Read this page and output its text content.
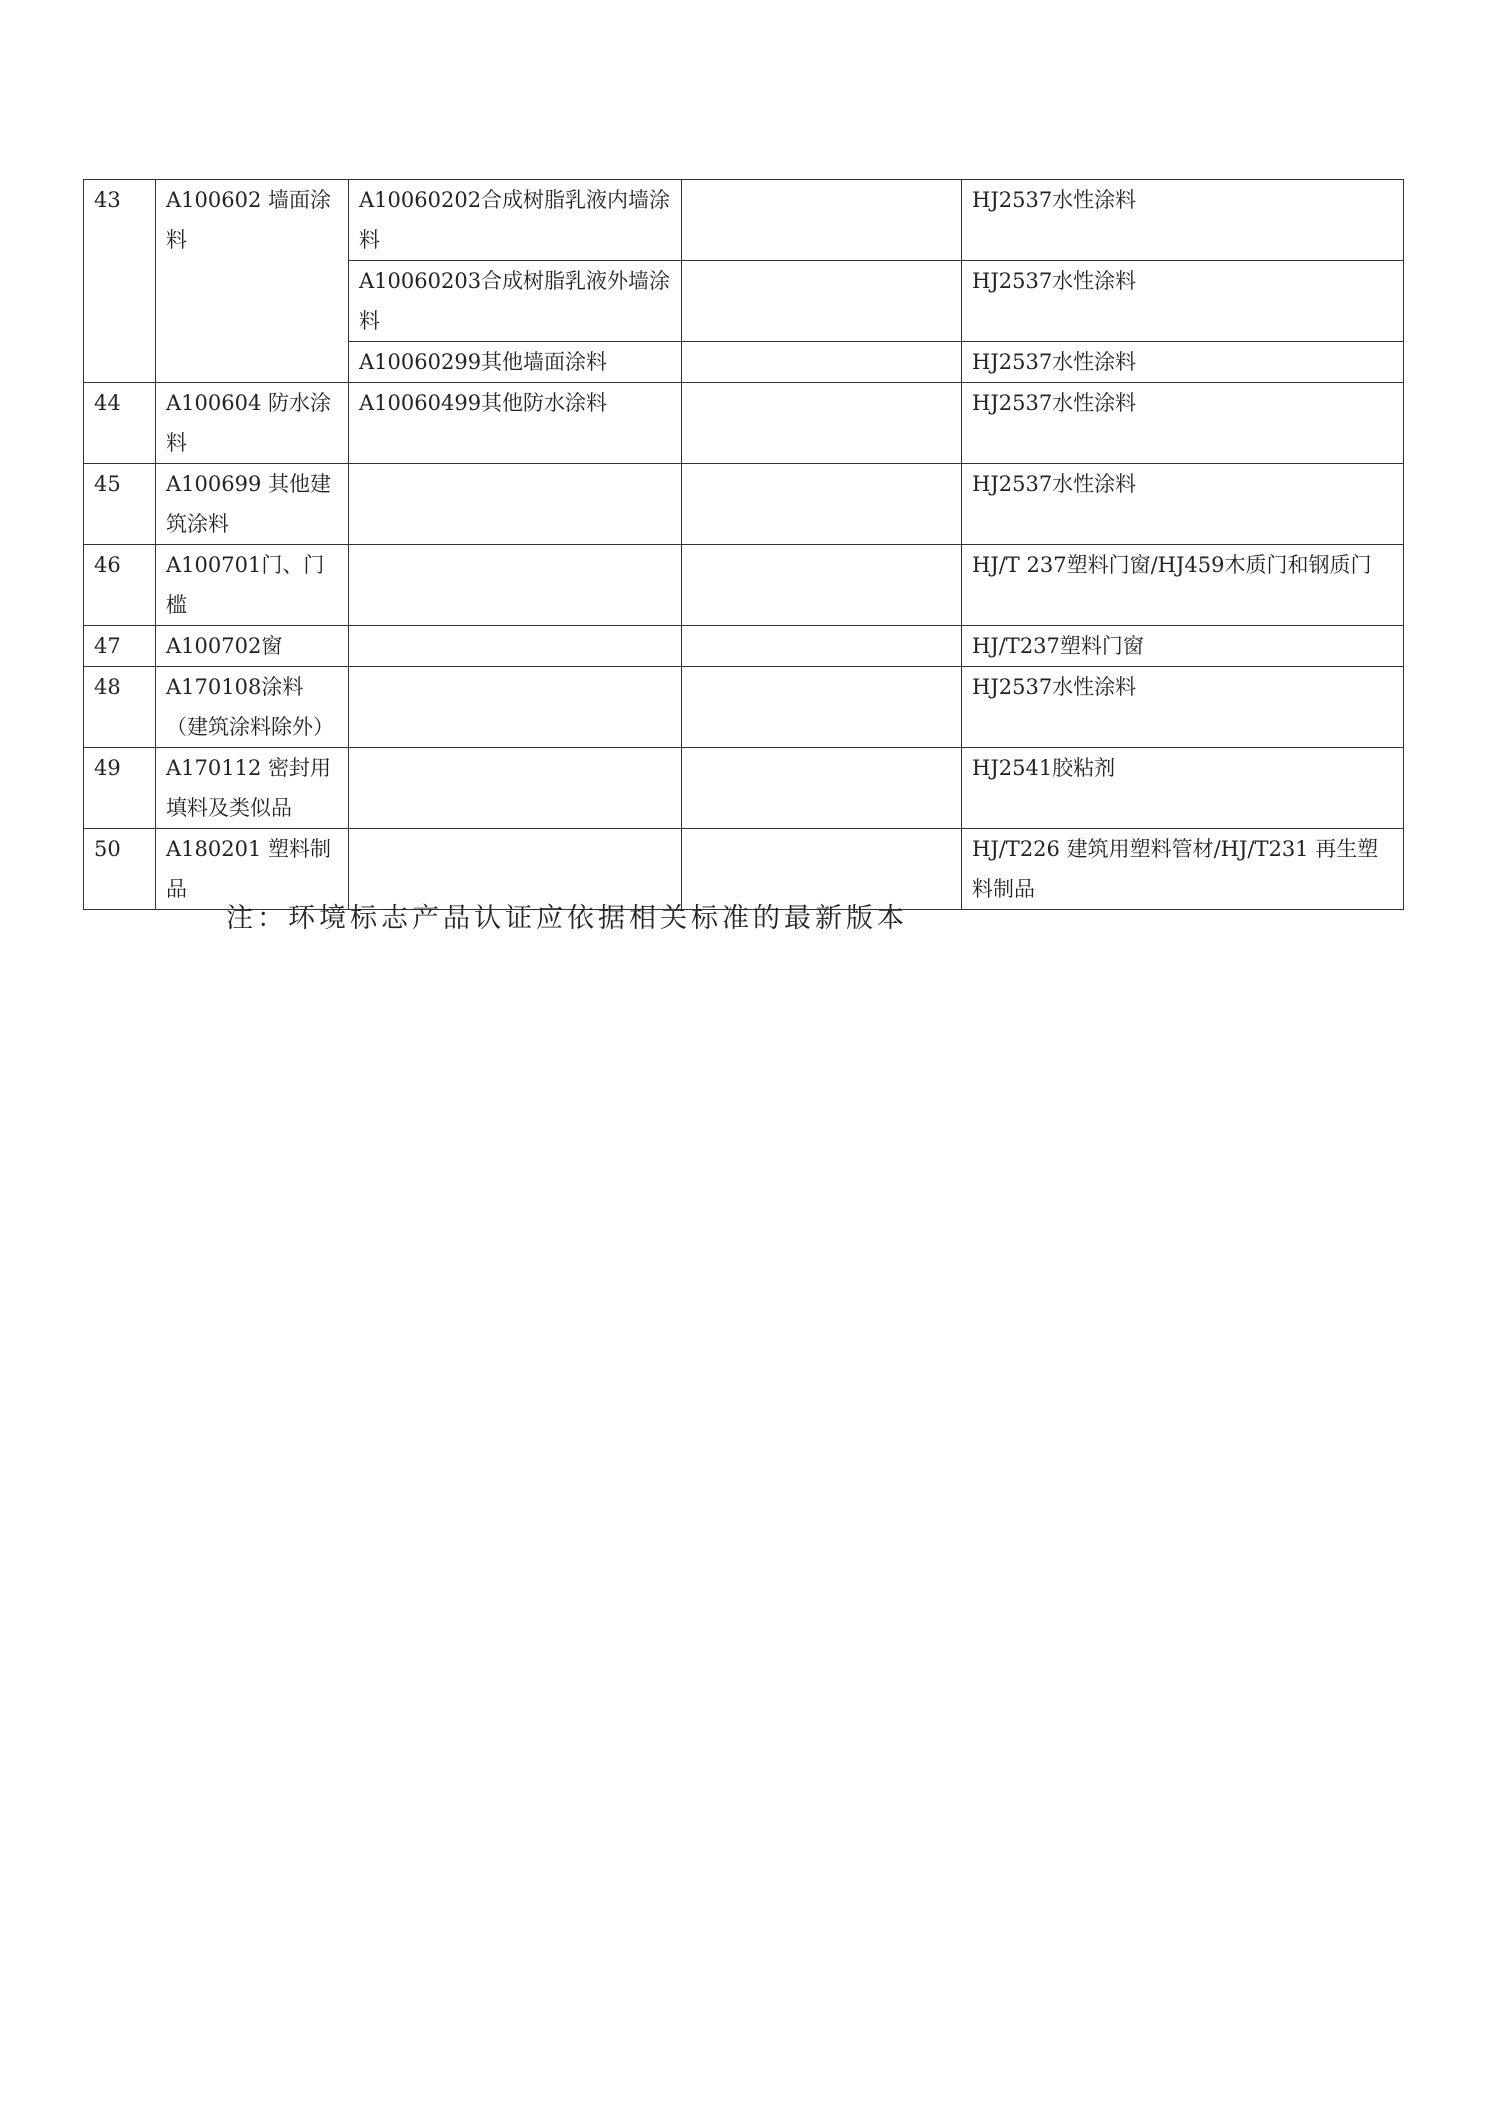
43	A100602 墙面涂料	A10060202合成树脂乳液内墙涂料		HJ2537水性涂料
		A10060203合成树脂乳液外墙涂料		HJ2537水性涂料
		A10060299其他墙面涂料		HJ2537水性涂料
44	A100604 防水涂料	A10060499其他防水涂料		HJ2537水性涂料
45	A100699 其他建筑涂料			HJ2537水性涂料
46	A100701门、门槛			HJ/T 237塑料门窗/HJ459木质门和钢质门
47	A100702窗			HJ/T237塑料门窗
48	A170108涂料（建筑涂料除外）			HJ2537水性涂料
49	A170112 密封用填料及类似品			HJ2541胶粘剂
50	A180201 塑料制品			HJ/T226 建筑用塑料管材/HJ/T231 再生塑料制品
注：环境标志产品认证应依据相关标准的最新版本
